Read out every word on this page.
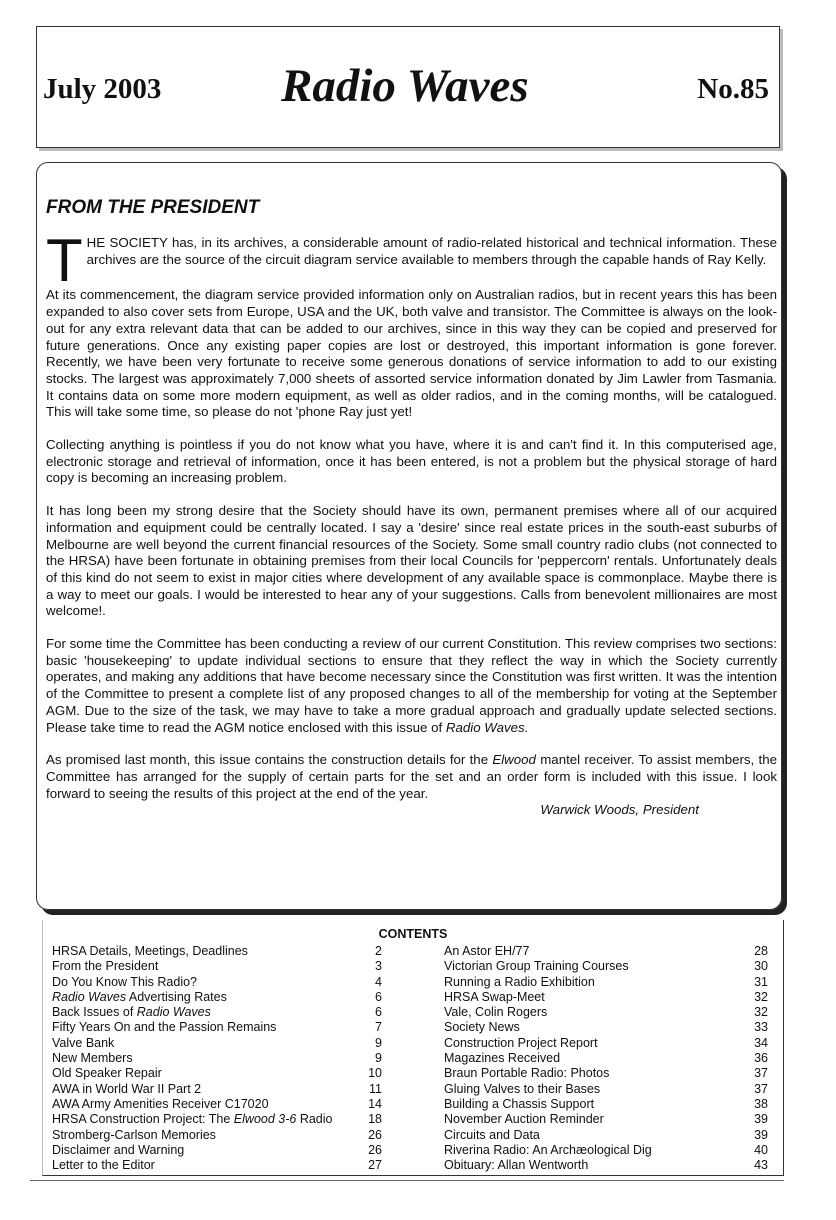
July 2003	Radio Waves	No.85
FROM THE PRESIDENT

THE SOCIETY has, in its archives, a considerable amount of radio-related historical and technical information. These archives are the source of the circuit diagram service available to members through the capable hands of Ray Kelly.

At its commencement, the diagram service provided information only on Australian radios, but in recent years this has been expanded to also cover sets from Europe, USA and the UK, both valve and transistor. The Committee is always on the look-out for any extra relevant data that can be added to our archives, since in this way they can be copied and preserved for future generations. Once any existing paper copies are lost or destroyed, this important information is gone forever. Recently, we have been very fortunate to receive some generous donations of service information to add to our existing stocks. The largest was approximately 7,000 sheets of assorted service information donated by Jim Lawler from Tasmania. It contains data on some more modern equipment, as well as older radios, and in the coming months, will be catalogued. This will take some time, so please do not 'phone Ray just yet!

Collecting anything is pointless if you do not know what you have, where it is and can't find it. In this computerised age, electronic storage and retrieval of information, once it has been entered, is not a problem but the physical storage of hard copy is becoming an increasing problem.

It has long been my strong desire that the Society should have its own, permanent premises where all of our acquired information and equipment could be centrally located. I say a 'desire' since real estate prices in the south-east suburbs of Melbourne are well beyond the current financial resources of the Society. Some small country radio clubs (not connected to the HRSA) have been fortunate in obtaining premises from their local Councils for 'peppercorn' rentals. Unfortunately deals of this kind do not seem to exist in major cities where development of any available space is commonplace. Maybe there is a way to meet our goals. I would be interested to hear any of your suggestions. Calls from benevolent millionaires are most welcome!.

For some time the Committee has been conducting a review of our current Constitution. This review comprises two sections: basic 'housekeeping' to update individual sections to ensure that they reflect the way in which the Society currently operates, and making any additions that have become necessary since the Constitution was first written. It was the intention of the Committee to present a complete list of any proposed changes to all of the membership for voting at the September AGM. Due to the size of the task, we may have to take a more gradual approach and gradually update selected sections. Please take time to read the AGM notice enclosed with this issue of Radio Waves.

As promised last month, this issue contains the construction details for the Elwood mantel receiver. To assist members, the Committee has arranged for the supply of certain parts for the set and an order form is included with this issue. I look forward to seeing the results of this project at the end of the year.

Warwick Woods, President
CONTENTS
HRSA Details, Meetings, Deadlines	2
From the President	3
Do You Know This Radio?	4
Radio Waves Advertising Rates	6
Back Issues of Radio Waves	6
Fifty Years On and the Passion Remains	7
Valve Bank	9
New Members	9
Old Speaker Repair	10
AWA in World War II Part 2	11
AWA Army Amenities Receiver C17020	14
HRSA Construction Project: The Elwood 3-6 Radio	18
Stromberg-Carlson Memories	26
Disclaimer and Warning	26
Letter to the Editor	27
An Astor EH/77	28
Victorian Group Training Courses	30
Running a Radio Exhibition	31
HRSA Swap-Meet	32
Vale, Colin Rogers	32
Society News	33
Construction Project Report	34
Magazines Received	36
Braun Portable Radio: Photos	37
Gluing Valves to their Bases	37
Building a Chassis Support	38
November Auction Reminder	39
Circuits and Data	39
Riverina Radio: An Archæological Dig	40
Obituary: Allan Wentworth	43
